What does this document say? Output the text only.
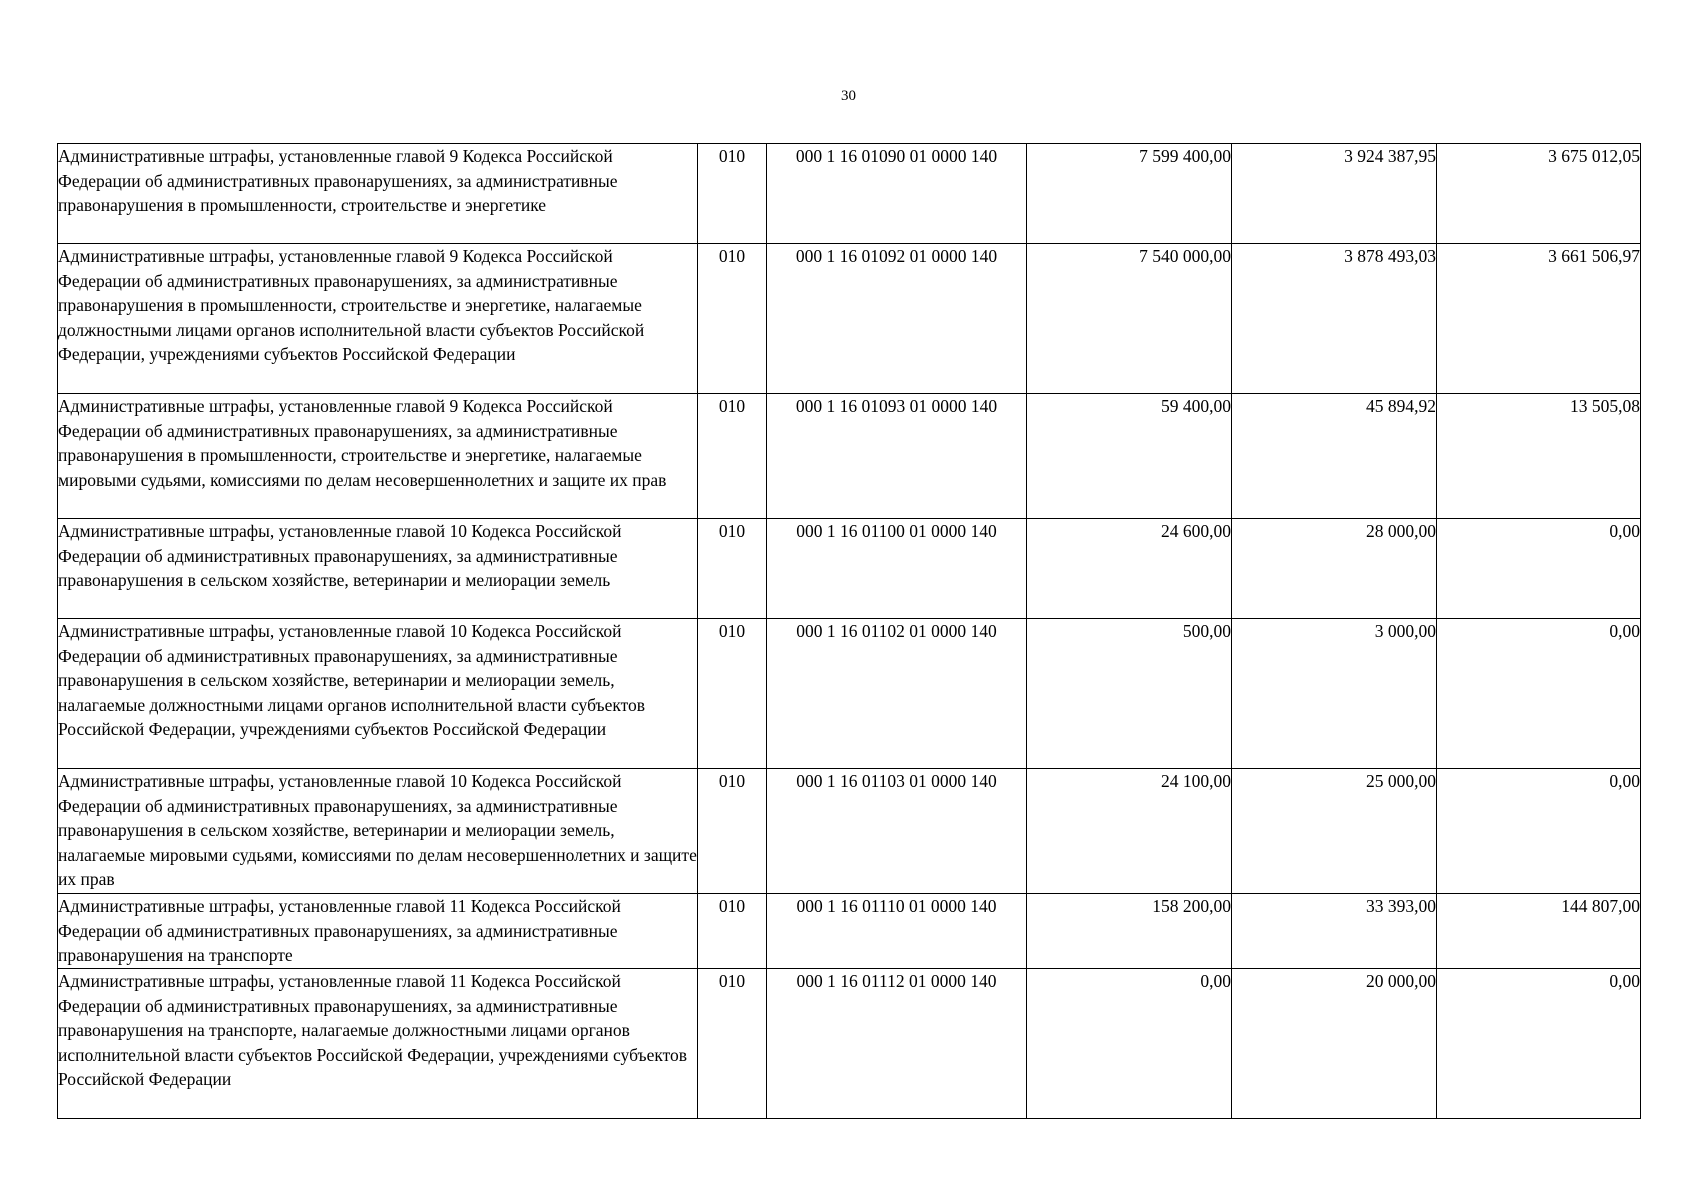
30
Административные штрафы, установленные главой 9 Кодекса Российской Федерации об административных правонарушениях, за административные правонарушения в промышленности, строительстве и энергетике	010	000 1 16 01090 01 0000 140	7 599 400,00	3 924 387,95	3 675 012,05
Административные штрафы, установленные главой 9 Кодекса Российской Федерации об административных правонарушениях, за административные правонарушения в промышленности, строительстве и энергетике, налагаемые должностными лицами органов исполнительной власти субъектов Российской Федерации, учреждениями субъектов Российской Федерации	010	000 1 16 01092 01 0000 140	7 540 000,00	3 878 493,03	3 661 506,97
Административные штрафы, установленные главой 9 Кодекса Российской Федерации об административных правонарушениях, за административные правонарушения в промышленности, строительстве и энергетике, налагаемые мировыми судьями, комиссиями по делам несовершеннолетних и защите их прав	010	000 1 16 01093 01 0000 140	59 400,00	45 894,92	13 505,08
Административные штрафы, установленные главой 10 Кодекса Российской Федерации об административных правонарушениях, за административные правонарушения в сельском хозяйстве, ветеринарии и мелиорации земель	010	000 1 16 01100 01 0000 140	24 600,00	28 000,00	0,00
Административные штрафы, установленные главой 10 Кодекса Российской Федерации об административных правонарушениях, за административные правонарушения в сельском хозяйстве, ветеринарии и мелиорации земель, налагаемые должностными лицами органов исполнительной власти субъектов Российской Федерации, учреждениями субъектов Российской Федерации	010	000 1 16 01102 01 0000 140	500,00	3 000,00	0,00
Административные штрафы, установленные главой 10 Кодекса Российской Федерации об административных правонарушениях, за административные правонарушения в сельском хозяйстве, ветеринарии и мелиорации земель, налагаемые мировыми судьями, комиссиями по делам несовершеннолетних и защите их прав	010	000 1 16 01103 01 0000 140	24 100,00	25 000,00	0,00
Административные штрафы, установленные главой 11 Кодекса Российской Федерации об административных правонарушениях, за административные правонарушения на транспорте	010	000 1 16 01110 01 0000 140	158 200,00	33 393,00	144 807,00
Административные штрафы, установленные главой 11 Кодекса Российской Федерации об административных правонарушениях, за административные правонарушения на транспорте, налагаемые должностными лицами органов исполнительной власти субъектов Российской Федерации, учреждениями субъектов Российской Федерации	010	000 1 16 01112 01 0000 140	0,00	20 000,00	0,00
